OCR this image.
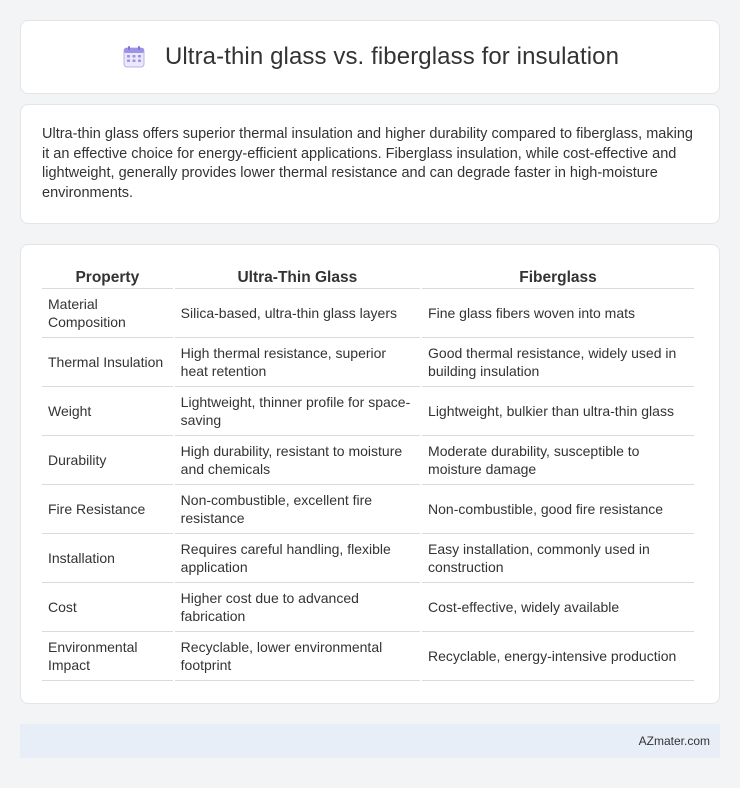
Ultra-thin glass vs. fiberglass for insulation

Ultra-thin glass offers superior thermal insulation and higher durability compared to fiberglass, making it an effective choice for energy-efficient applications. Fiberglass insulation, while cost-effective and lightweight, generally provides lower thermal resistance and can degrade faster in high-moisture environments.

Property	Ultra-Thin Glass	Fiberglass
Material Composition	Silica-based, ultra-thin glass layers	Fine glass fibers woven into mats
Thermal Insulation	High thermal resistance, superior heat retention	Good thermal resistance, widely used in building insulation
Weight	Lightweight, thinner profile for space-saving	Lightweight, bulkier than ultra-thin glass
Durability	High durability, resistant to moisture and chemicals	Moderate durability, susceptible to moisture damage
Fire Resistance	Non-combustible, excellent fire resistance	Non-combustible, good fire resistance
Installation	Requires careful handling, flexible application	Easy installation, commonly used in construction
Cost	Higher cost due to advanced fabrication	Cost-effective, widely available
Environmental Impact	Recyclable, lower environmental footprint	Recyclable, energy-intensive production
AZmater.com
